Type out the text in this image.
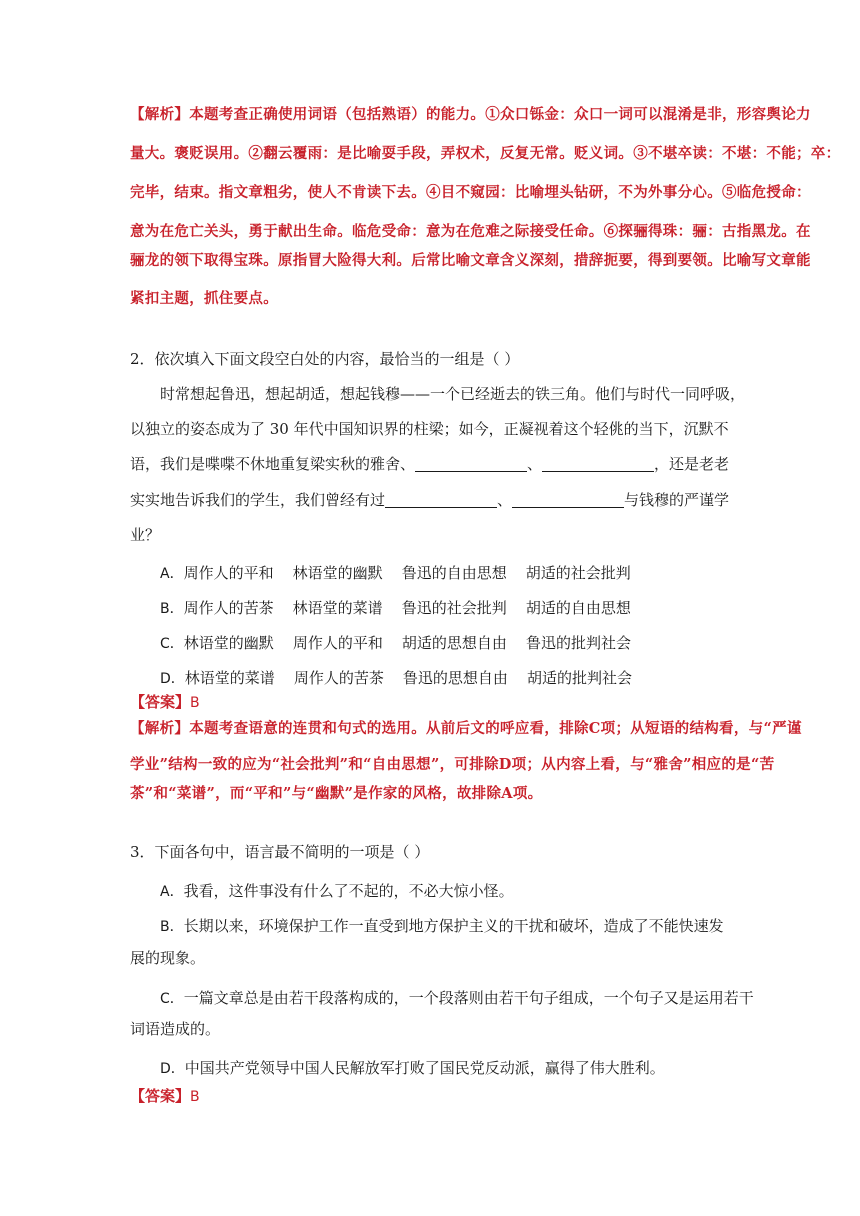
【解析】本题考查正确使用词语（包括熟语）的能力。①众口铄金：众口一词可以混淆是非，形容舆论力
量大。褒贬误用。②翻云覆雨：是比喻耍手段，弄权术，反复无常。贬义词。③不堪卒读：不堪：不能；卒：
完毕，结束。指文章粗劣，使人不肯读下去。④目不窥园：比喻埋头钻研，不为外事分心。⑤临危授命：
意为在危亡关头，勇于献出生命。临危受命：意为在危难之际接受任命。⑥探骊得珠：骊：古指黑龙。在
骊龙的领下取得宝珠。原指冒大险得大利。后常比喻文章含义深刻，措辞扼要，得到要领。比喻写文章能
紧扣主题，抓住要点。
2．依次填入下面文段空白处的内容，最恰当的一组是（ ）
时常想起鲁迅，想起胡适，想起钱穆——一个已经逝去的铁三角。他们与时代一同呼吸，
以独立的姿态成为了 30 年代中国知识界的柱梁；如今，正凝视着这个轻佻的当下，沉默不
语，我们是喋喋不休地重复梁实秋的雅舍、	、	，还是老老
实实地告诉我们的学生，我们曾经有过	、	与钱穆的严谨学
业？
A．周作人的平和    林语堂的幽默    鲁迅的自由思想    胡适的社会批判
B．周作人的苦茶    林语堂的菜谱    鲁迅的社会批判    胡适的自由思想
C．林语堂的幽默    周作人的平和    胡适的思想自由    鲁迅的批判社会
D．林语堂的菜谱    周作人的苦茶    鲁迅的思想自由    胡适的批判社会
【答案】B
【解析】本题考查语意的连贯和句式的选用。从前后文的呼应看，排除C项；从短语的结构看，与“严谨
学业”结构一致的应为“社会批判”和“自由思想”，可排除D项；从内容上看，与“雅舍”相应的是“苦
茶”和“菜谱”，而“平和”与“幽默”是作家的风格，故排除A项。
3．下面各句中，语言最不简明的一项是（ ）
A．我看，这件事没有什么了不起的，不必大惊小怪。
B．长期以来，环境保护工作一直受到地方保护主义的干扰和破坏，造成了不能快速发
展的现象。
C．一篇文章总是由若干段落构成的，一个段落则由若干句子组成，一个句子又是运用若干
词语造成的。
D．中国共产党领导中国人民解放军打败了国民党反动派，赢得了伟大胜利。
【答案】B
